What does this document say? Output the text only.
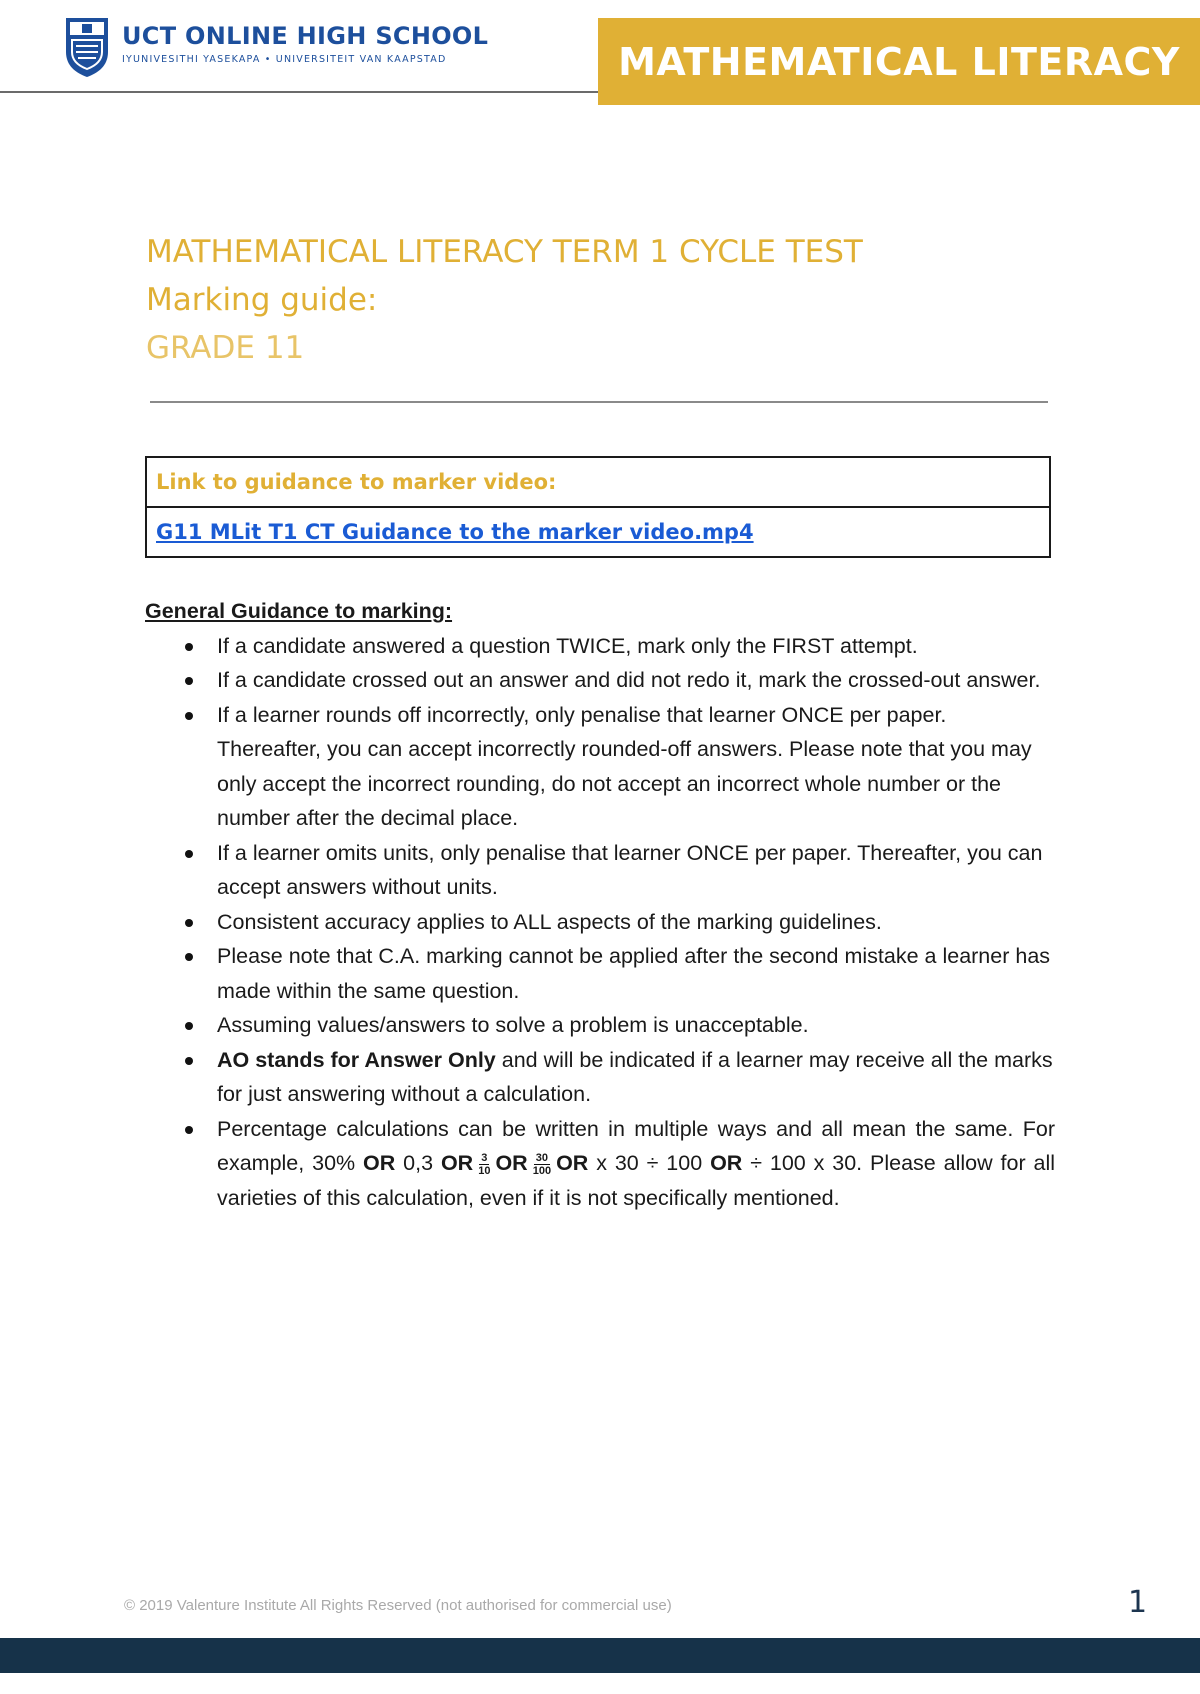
UCT ONLINE HIGH SCHOOL
IYUNIVESITHI YASEKAPA • UNIVERSITEIT VAN KAAPSTAD	MATHEMATICAL LITERACY
MATHEMATICAL LITERACY TERM 1 CYCLE TEST
Marking guide:
GRADE 11
Link to guidance to marker video:
G11 MLit T1 CT Guidance to the marker video.mp4
General Guidance to marking:
If a candidate answered a question TWICE, mark only the FIRST attempt.
If a candidate crossed out an answer and did not redo it, mark the crossed-out answer.
If a learner rounds off incorrectly, only penalise that learner ONCE per paper. Thereafter, you can accept incorrectly rounded-off answers. Please note that you may only accept the incorrect rounding, do not accept an incorrect whole number or the number after the decimal place.
If a learner omits units, only penalise that learner ONCE per paper. Thereafter, you can accept answers without units.
Consistent accuracy applies to ALL aspects of the marking guidelines.
Please note that C.A. marking cannot be applied after the second mistake a learner has made within the same question.
Assuming values/answers to solve a problem is unacceptable.
AO stands for Answer Only and will be indicated if a learner may receive all the marks for just answering without a calculation.
Percentage calculations can be written in multiple ways and all mean the same. For example, 30% OR 0,3 OR $\frac{3}{10}$ OR $\frac{30}{100}$ OR x 30 ÷ 100 OR ÷ 100 x 30. Please allow for all varieties of this calculation, even if it is not specifically mentioned.
© 2019 Valenture Institute All Rights Reserved (not authorised for commercial use)	1
